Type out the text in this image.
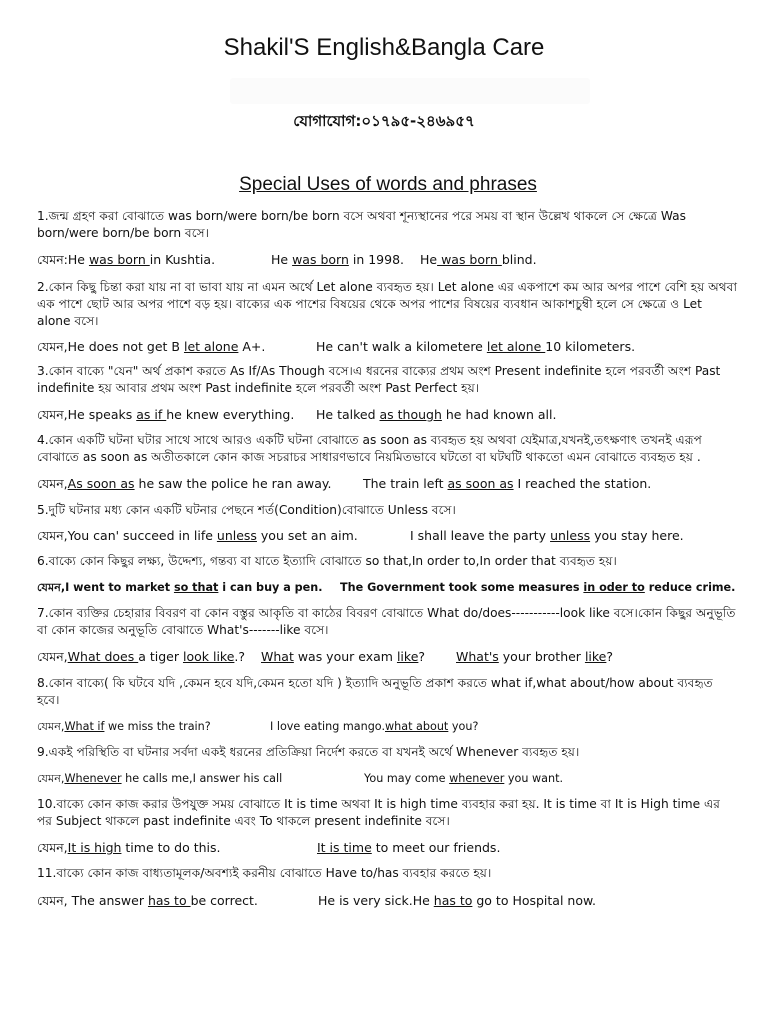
Shakil'S English&Bangla Care
যোগাযোগ:০১৭৯৫-২৪৬৯৫৭
Special Uses of words and phrases

1.জন্ম গ্রহণ করা বোঝাতে was born/were born/be born বসে অথবা শূন্যস্থানের পরে সময় বা স্থান উল্লেখ থাকলে সে ক্ষেত্রে Was born/were born/be born বসে।

যেমন:He was born in Kushtia.	He was born in 1998. He was born blind.

2.কোন কিছু চিন্তা করা যায় না বা ভাবা যায় না এমন অর্থে Let alone ব্যবহৃত হয়। Let alone এর একপাশে কম আর অপর পাশে বেশি হয় অথবা এক পাশে ছোট আর অপর পাশে বড় হয়। বাক্যের এক পাশের বিষয়ের থেকে অপর পাশের বিষয়ের ব্যবধান আকাশচুম্বী হলে সে ক্ষেত্রে ও Let alone বসে।

যেমন,He does not get B let alone A+.	He can't walk a kilometere let alone 10 kilometers.

3.কোন বাক্যে "যেন" অর্থ প্রকাশ করতে As If/As Though বসে।এ ধরনের বাক্যের প্রথম অংশ Present indefinite হলে পরবর্তী অংশ Past indefinite হয় আবার প্রথম অংশ Past indefinite হলে পরবর্তী অংশ Past Perfect হয়।

যেমন,He speaks as if he knew everything. He talked as though he had known all.

4.কোন একটি ঘটনা ঘটার সাথে সাথে আরও একটি ঘটনা বোঝাতে as soon as ব্যবহৃত হয় অথবা যেইমাত্র,যখনই,তৎক্ষণাৎ তখনই এরূপ বোঝাতে as soon as অতীতকালে কোন কাজ সচরাচর সাধারণভাবে নিয়মিতভাবে ঘটতো বা ঘটঘটি থাকতো এমন বোঝাতে ব্যবহৃত হয় .

যেমন,As soon as he saw the police he ran away.	The train left as soon as I reached the station.

5.দুটি ঘটনার মধ্য কোন একটি ঘটনার পেছনে শর্ত(Condition)বোঝাতে Unless বসে।

যেমন,You can' succeed in life unless you set an aim.	I shall leave the party unless you stay here.

6.বাক্যে কোন কিছুর লক্ষ্য, উদ্দেশ্য, গন্তব্য বা যাতে ইত্যাদি বোঝাতে so that,In order to,In order that ব্যবহৃত হয়।

যেমন,I went to market so that i can buy a pen. The Government took some measures in oder to reduce crime.

7.কোন ব্যক্তির চেহারার বিবরণ বা কোন বস্তুর আকৃতি বা কাঠের বিবরণ বোঝাতে What do/does-----------look like বসে।কোন কিছুর অনুভূতি বা কোন কাজের অনুভূতি বোঝাতে What's-------like বসে।

যেমন,What does a tiger look like.? What was your exam like? What's your brother like?

8.কোন বাক্যে( কি ঘটবে যদি ,কেমন হবে যদি,কেমন হতো যদি ) ইত্যাদি অনুভূতি প্রকাশ করতে what if,what about/how about ব্যবহৃত হবে।

যেমন,What if we miss the train?	I love eating mango.what about you?

9.একই পরিস্থিতি বা ঘটনার সর্বদা একই ধরনের প্রতিক্রিয়া নির্দেশ করতে বা যখনই অর্থে Whenever ব্যবহৃত হয়।

যেমন,Whenever he calls me,I answer his call	You may come whenever you want.

10.বাক্যে কোন কাজ করার উপযুক্ত সময় বোঝাতে It is time অথবা It is high time ব্যবহার করা হয়. It is time বা It is High time এর পর Subject থাকলে past indefinite এবং To থাকলে present indefinite বসে।

যেমন,It is high time to do this.	It is time to meet our friends.

11.বাক্যে কোন কাজ বাধ্যতামূলক/অবশ্যই করনীয় বোঝাতে Have to/has ব্যবহার করতে হয়।

যেমন, The answer has to be correct.	He is very sick.He has to go to Hospital now.
